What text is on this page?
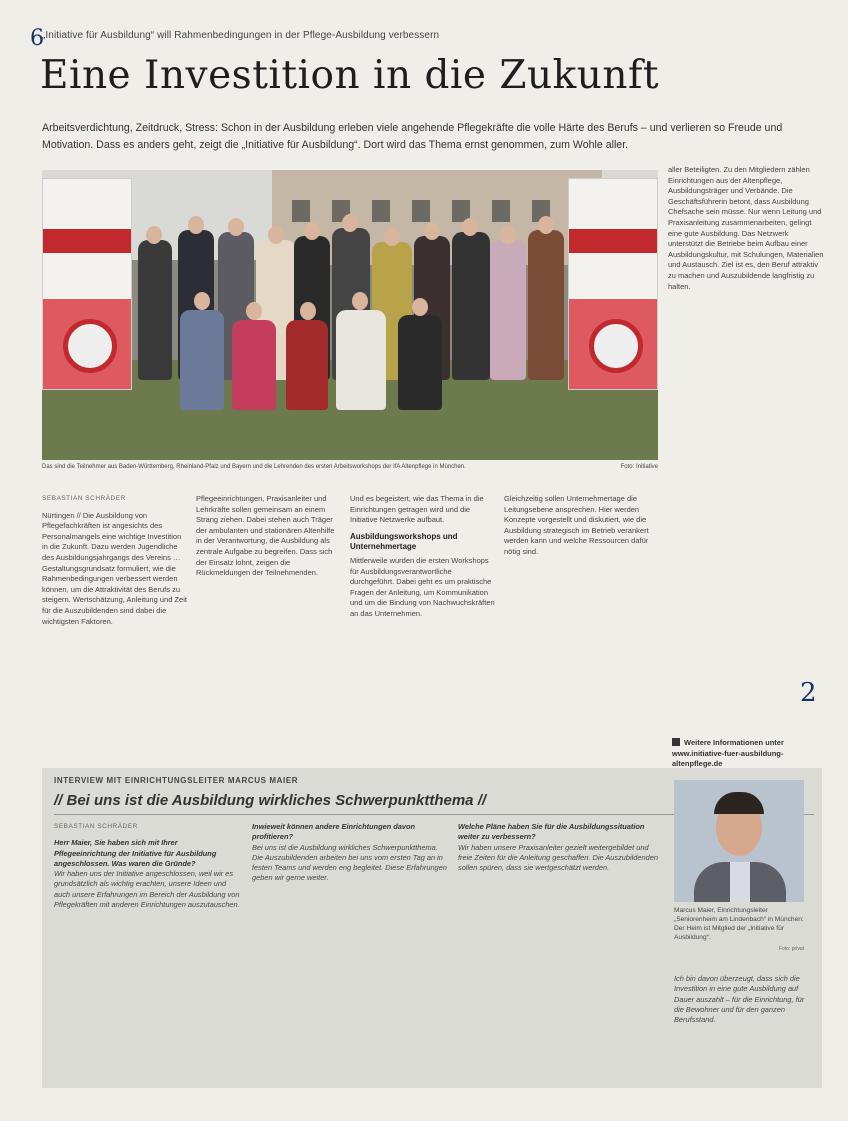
6
„Initiative für Ausbildung“ will Rahmenbedingungen in der Pflege-Ausbildung verbessern
Eine Investition in die Zukunft
Arbeitsverdichtung, Zeitdruck, Stress: Schon in der Ausbildung erleben viele angehende Pflegekräfte die volle Härte des Berufs – und verlieren so Freude und Motivation. Dass es anders geht, zeigt die „Initiative für Ausbildung“. Dort wird das Thema ernst genommen, zum Wohle aller.
Das sind die Teilnehmer aus Baden-Württemberg, Rheinland-Pfalz und Bayern und die Lehrenden des ersten Arbeitsworkshops der IfA Altenpflege in München.	Foto: Initiative
SEBASTIAN SCHRÄDER

Nürtingen // Die Ausbildung von Pflegefachkräften ist angesichts des Personalmangels eine wichtige Investition in die Zukunft. Dazu werden Jugendliche des Ausbildungsjahrgangs des Vereins … Gestaltungsgrundsatz formuliert, wie die Rahmenbedingungen verbessert werden können, um die Attraktivität des Berufs zu steigern. Wertschätzung, Anleitung und Zeit für die Auszubildenden sind dabei die wichtigsten Faktoren.

Pflegeeinrichtungen, Praxisanleiter und Lehrkräfte sollen gemeinsam an einem Strang ziehen. Dabei stehen auch Träger der ambulanten und stationären Altenhilfe in der Verantwortung, die Ausbildung als zentrale Aufgabe zu begreifen. Dass sich der Einsatz lohnt, zeigen die Rückmeldungen der Teilnehmenden.

Und es begeistert, wie das Thema in die Einrichtungen getragen wird und die Initiative Netzwerke aufbaut.

Ausbildungsworkshops und Unternehmertage

Mittlerweile wurden die ersten Workshops für Ausbildungsverantwortliche durchgeführt. Dabei geht es um praktische Fragen der Anleitung, um Kommunikation und um die Bindung von Nachwuchskräften an das Unternehmen.

Gleichzeitig sollen Unternehmertage die Leitungsebene ansprechen. Hier werden Konzepte vorgestellt und diskutiert, wie die Ausbildung strategisch im Betrieb verankert werden kann und welche Ressourcen dafür nötig sind.

aller Beteiligten. Zu den Mitgliedern zählen Einrichtungen aus der Altenpflege, Ausbildungsträger und Verbände. Die Geschäftsführerin betont, dass Ausbildung Chefsache sein müsse. Nur wenn Leitung und Praxisanleitung zusammenarbeiten, gelingt eine gute Ausbildung. Das Netzwerk unterstützt die Betriebe beim Aufbau einer Ausbildungskultur, mit Schulungen, Materialien und Austausch. Ziel ist es, den Beruf attraktiv zu machen und Auszubildende langfristig zu halten.
2
Weitere Informationen unter
www.initiative-fuer-ausbildung-altenpflege.de
INTERVIEW MIT EINRICHTUNGSLEITER MARCUS MAIER
// Bei uns ist die Ausbildung wirkliches Schwerpunktthema //
SEBASTIAN SCHRÄDER
Herr Maier, Sie haben sich mit Ihrer Pflegeeinrichtung der Initiative für Ausbildung angeschlossen. Was waren die Gründe?
Wir haben uns der Initiative angeschlossen, weil wir es grundsätzlich als wichtig erachten, unsere Ideen und auch unsere Erfahrungen im Bereich der Ausbildung von Pflegekräften mit anderen Einrichtungen auszutauschen.
Inwieweit können andere Einrichtungen davon profitieren?
Bei uns ist die Ausbildung wirkliches Schwerpunktthema. Die Auszubildenden arbeiten bei uns vom ersten Tag an in festen Teams und werden eng begleitet. Diese Erfahrungen geben wir gerne weiter.
Welche Pläne haben Sie für die Ausbildungssituation weiter zu verbessern?
Wir haben unsere Praxisanleiter gezielt weitergebildet und freie Zeiten für die Anleitung geschaffen. Die Auszubildenden sollen spüren, dass sie wertgeschätzt werden.
Marcus Maier, Einrichtungsleiter „Seniorenheim am Lindenbach“ in München: Der Heim ist Mitglied der „Initiative für Ausbildung“.
Foto: privat
Ich bin davon überzeugt, dass sich die Investition in eine gute Ausbildung auf Dauer auszahlt – für die Einrichtung, für die Bewohner und für den ganzen Berufsstand.
